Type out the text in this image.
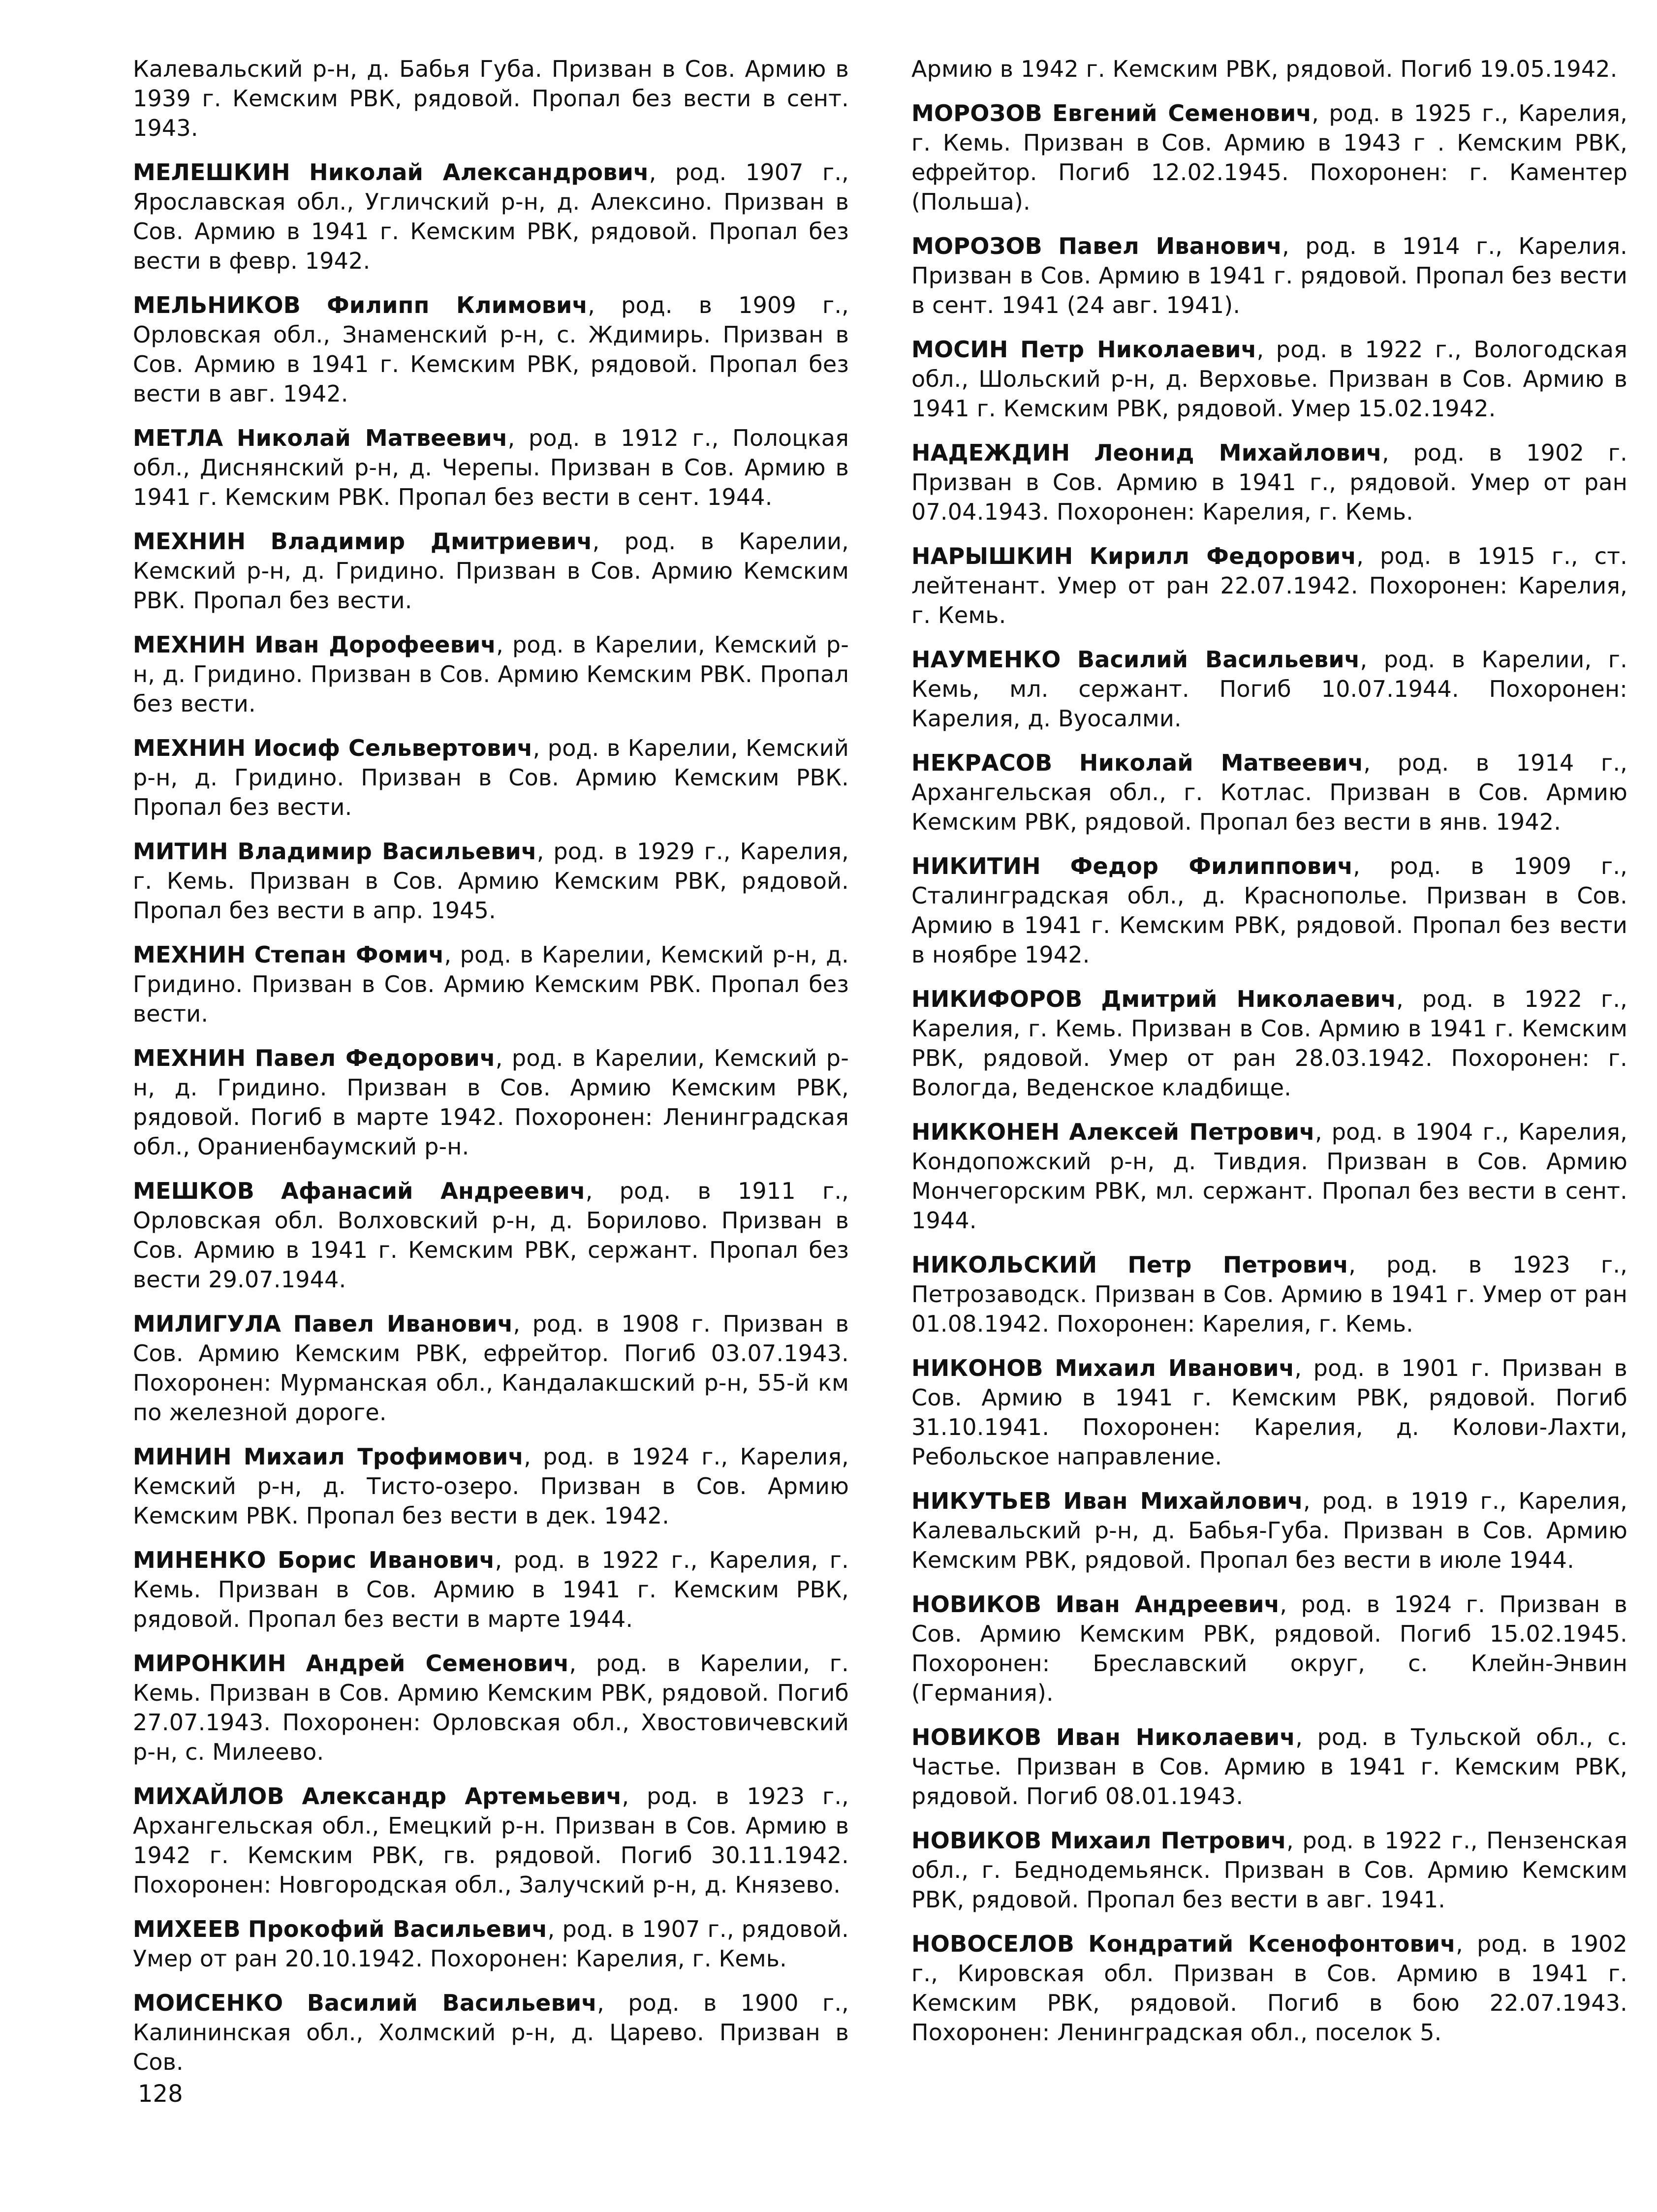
Калевальский р-н, д. Бабья Губа. Призван в Сов. Армию в 1939 г. Кемским РВК, рядовой. Пропал без вести в сент. 1943.

МЕЛЕШКИН Николай Александрович, род. 1907 г., Ярославская обл., Угличский р-н, д. Алексино. Призван в Сов. Армию в 1941 г. Кемским РВК, рядовой. Пропал без вести в февр. 1942.

МЕЛЬНИКОВ Филипп Климович, род. в 1909 г., Орловская обл., Знаменский р-н, с. Ждимирь. Призван в Сов. Армию в 1941 г. Кемским РВК, рядовой. Пропал без вести в авг. 1942.

МЕТЛА Николай Матвеевич, род. в 1912 г., Полоцкая обл., Диснянский р-н, д. Черепы. Призван в Сов. Армию в 1941 г. Кемским РВК. Пропал без вести в сент. 1944.

МЕХНИН Владимир Дмитриевич, род. в Карелии, Кемский р-н, д. Гридино. Призван в Сов. Армию Кемским РВК. Пропал без вести.

МЕХНИН Иван Дорофеевич, род. в Карелии, Кемский р-н, д. Гридино. Призван в Сов. Армию Кемским РВК. Пропал без вести.

МЕХНИН Иосиф Сельвертович, род. в Карелии, Кемский р-н, д. Гридино. Призван в Сов. Армию Кемским РВК. Пропал без вести.

МИТИН Владимир Васильевич, род. в 1929 г., Карелия, г. Кемь. Призван в Сов. Армию Кемским РВК, рядовой. Пропал без вести в апр. 1945.

МЕХНИН Степан Фомич, род. в Карелии, Кемский р-н, д. Гридино. Призван в Сов. Армию Кемским РВК. Пропал без вести.

МЕХНИН Павел Федорович, род. в Карелии, Кемский р-н, д. Гридино. Призван в Сов. Армию Кемским РВК, рядовой. Погиб в марте 1942. Похоронен: Ленинградская обл., Ораниенбаумский р-н.

МЕШКОВ Афанасий Андреевич, род. в 1911 г., Орловская обл. Волховский р-н, д. Борилово. Призван в Сов. Армию в 1941 г. Кемским РВК, сержант. Пропал без вести 29.07.1944.

МИЛИГУЛА Павел Иванович, род. в 1908 г. Призван в Сов. Армию Кемским РВК, ефрейтор. Погиб 03.07.1943. Похоронен: Мурманская обл., Кандалакшский р-н, 55-й км по железной дороге.

МИНИН Михаил Трофимович, род. в 1924 г., Карелия, Кемский р-н, д. Тисто-озеро. Призван в Сов. Армию Кемским РВК. Пропал без вести в дек. 1942.

МИНЕНКО Борис Иванович, род. в 1922 г., Карелия, г. Кемь. Призван в Сов. Армию в 1941 г. Кемским РВК, рядовой. Пропал без вести в марте 1944.

МИРОНКИН Андрей Семенович, род. в Карелии, г. Кемь. Призван в Сов. Армию Кемским РВК, рядовой. Погиб 27.07.1943. Похоронен: Орловская обл., Хвостовичевский р-н, с. Милеево.

МИХАЙЛОВ Александр Артемьевич, род. в 1923 г., Архангельская обл., Емецкий р-н. Призван в Сов. Армию в 1942 г. Кемским РВК, гв. рядовой. Погиб 30.11.1942. Похоронен: Новгородская обл., Залучский р-н, д. Князево.

МИХЕЕВ Прокофий Васильевич, род. в 1907 г., рядовой. Умер от ран 20.10.1942. Похоронен: Карелия, г. Кемь.

МОИСЕНКО Василий Васильевич, род. в 1900 г., Калининская обл., Холмский р-н, д. Царево. Призван в Сов.

Армию в 1942 г. Кемским РВК, рядовой. Погиб 19.05.1942.

МОРОЗОВ Евгений Семенович, род. в 1925 г., Карелия, г. Кемь. Призван в Сов. Армию в 1943 г . Кемским РВК, ефрейтор. Погиб 12.02.1945. Похоронен: г. Каментер (Польша).

МОРОЗОВ Павел Иванович, род. в 1914 г., Карелия. Призван в Сов. Армию в 1941 г. рядовой. Пропал без вести в сент. 1941 (24 авг. 1941).

МОСИН Петр Николаевич, род. в 1922 г., Вологодская обл., Шольский р-н, д. Верховье. Призван в Сов. Армию в 1941 г. Кемским РВК, рядовой. Умер 15.02.1942.

НАДЕЖДИН Леонид Михайлович, род. в 1902 г. Призван в Сов. Армию в 1941 г., рядовой. Умер от ран 07.04.1943. Похоронен: Карелия, г. Кемь.

НАРЫШКИН Кирилл Федорович, род. в 1915 г., ст. лейтенант. Умер от ран 22.07.1942. Похоронен: Карелия, г. Кемь.

НАУМЕНКО Василий Васильевич, род. в Карелии, г. Кемь, мл. сержант. Погиб 10.07.1944. Похоронен: Карелия, д. Вуосалми.

НЕКРАСОВ Николай Матвеевич, род. в 1914 г., Архангельская обл., г. Котлас. Призван в Сов. Армию Кемским РВК, рядовой. Пропал без вести в янв. 1942.

НИКИТИН Федор Филиппович, род. в 1909 г., Сталинградская обл., д. Краснополье. Призван в Сов. Армию в 1941 г. Кемским РВК, рядовой. Пропал без вести в ноябре 1942.

НИКИФОРОВ Дмитрий Николаевич, род. в 1922 г., Карелия, г. Кемь. Призван в Сов. Армию в 1941 г. Кемским РВК, рядовой. Умер от ран 28.03.1942. Похоронен: г. Вологда, Веденское кладбище.

НИККОНЕН Алексей Петрович, род. в 1904 г., Карелия, Кондопожский р-н, д. Тивдия. Призван в Сов. Армию Мончегорским РВК, мл. сержант. Пропал без вести в сент. 1944.

НИКОЛЬСКИЙ Петр Петрович, род. в 1923 г., Петрозаводск. Призван в Сов. Армию в 1941 г. Умер от ран 01.08.1942. Похоронен: Карелия, г. Кемь.

НИКОНОВ Михаил Иванович, род. в 1901 г. Призван в Сов. Армию в 1941 г. Кемским РВК, рядовой. Погиб 31.10.1941. Похоронен: Карелия, д. Колови-Лахти, Ребольское направление.

НИКУТЬЕВ Иван Михайлович, род. в 1919 г., Карелия, Калевальский р-н, д. Бабья-Губа. Призван в Сов. Армию Кемским РВК, рядовой. Пропал без вести в июле 1944.

НОВИКОВ Иван Андреевич, род. в 1924 г. Призван в Сов. Армию Кемским РВК, рядовой. Погиб 15.02.1945. Похоронен: Бреславский округ, с. Клейн-Энвин (Германия).

НОВИКОВ Иван Николаевич, род. в Тульской обл., с. Частье. Призван в Сов. Армию в 1941 г. Кемским РВК, рядовой. Погиб 08.01.1943.

НОВИКОВ Михаил Петрович, род. в 1922 г., Пензенская обл., г. Беднодемьянск. Призван в Сов. Армию Кемским РВК, рядовой. Пропал без вести в авг. 1941.

НОВОСЕЛОВ Кондратий Ксенофонтович, род. в 1902 г., Кировская обл. Призван в Сов. Армию в 1941 г. Кемским РВК, рядовой. Погиб в бою 22.07.1943. Похоронен: Ленинградская обл., поселок 5.

128
